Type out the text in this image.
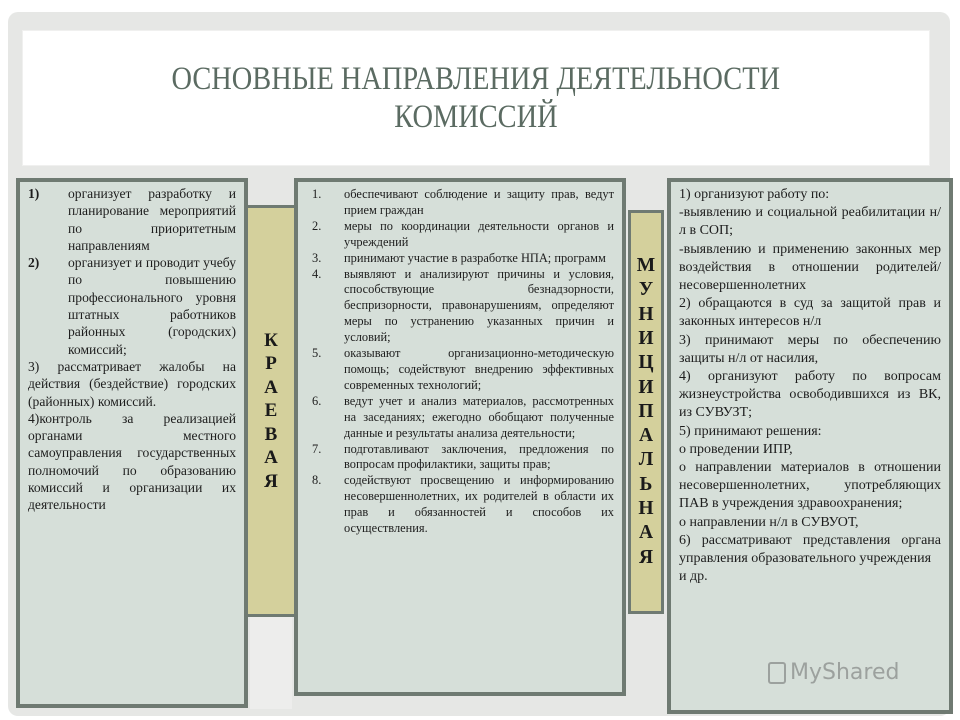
ОСНОВНЫЕ НАПРАВЛЕНИЯ ДЕЯТЕЛЬНОСТИ
КОМИССИЙ
К
Р
А
Е
В
А
Я
1)	организует разработку и планирование мероприятий по приоритетным направлениям
2)	организует и проводит учебу по повышению профессионального уровня штатных работников районных (городских) комиссий;
3) рассматривает жалобы на действия (бездействие) городских (районных) комиссий.
4)контроль за реализацией органами местного самоуправления государственных полномочий по образованию комиссий и организации их деятельности
1.	обеспечивают соблюдение и защиту прав, ведут прием граждан
2.	меры по координации деятельности органов и учреждений
3.	принимают участие в разработке НПА; программ
4.	выявляют и анализируют причины и условия, способствующие безнадзорности, беспризорности, правонарушениям, определяют меры по устранению указанных причин и условий;
5.	оказывают организационно-методическую помощь; содействуют внедрению эффективных современных технологий;
6.	ведут учет и анализ материалов, рассмотренных на заседаниях; ежегодно обобщают полученные данные и результаты анализа деятельности;
7.	подготавливают заключения, предложения по вопросам профилактики, защиты прав;
8.	содействуют просвещению и информированию несовершеннолетних, их родителей в области их прав и обязанностей и способов их осуществления.
М
У
Н
И
Ц
И
П
А
Л
Ь
Н
А
Я
1) организуют работу по:
-выявлению и социальной реабилитации н/л в СОП;
-выявлению и применению законных мер воздействия в отношении родителей/несовершеннолетних
2) обращаются в суд за защитой прав и законных интересов н/л
3) принимают меры по обеспечению защиты н/л от насилия,
4) организуют работу по вопросам жизнеустройства освободившихся из ВК, из СУВУЗТ;
5) принимают решения:
о проведении ИПР,
о направлении материалов в отношении несовершеннолетних, употребляющих ПАВ в учреждения здравоохранения;
о направлении н/л в СУВУОТ,
6) рассматривают представления органа управления образовательного учреждения
и др.
MyShared
